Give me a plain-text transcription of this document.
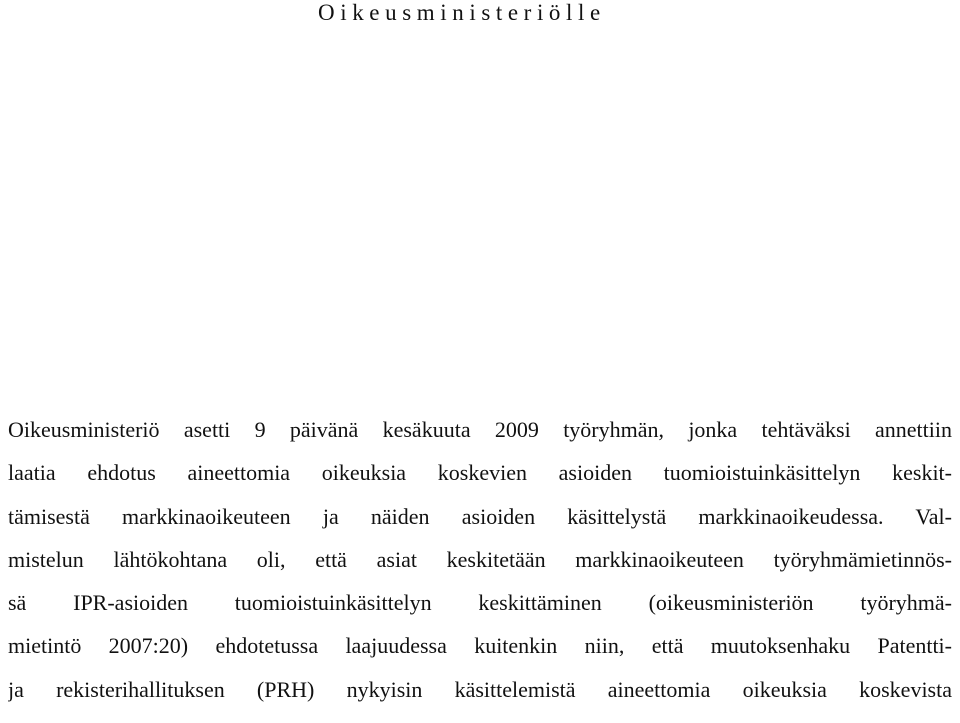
Oikeusministeriölle
Oikeusministeriö asetti 9 päivänä kesäkuuta 2009 työryhmän, jonka tehtäväksi annettiin
laatia ehdotus aineettomia oikeuksia koskevien asioiden tuomioistuinkäsittelyn keskit-
tämisestä markkinaoikeuteen ja näiden asioiden käsittelystä markkinaoikeudessa. Val-
mistelun lähtökohtana oli, että asiat keskitetään markkinaoikeuteen työryhmämietinnös-
sä IPR-asioiden tuomioistuinkäsittelyn keskittäminen (oikeusministeriön työryhmä-
mietintö 2007:20) ehdotetussa laajuudessa kuitenkin niin, että muutoksenhaku Patentti-
ja rekisterihallituksen (PRH) nykyisin käsittelemistä aineettomia oikeuksia koskevista
